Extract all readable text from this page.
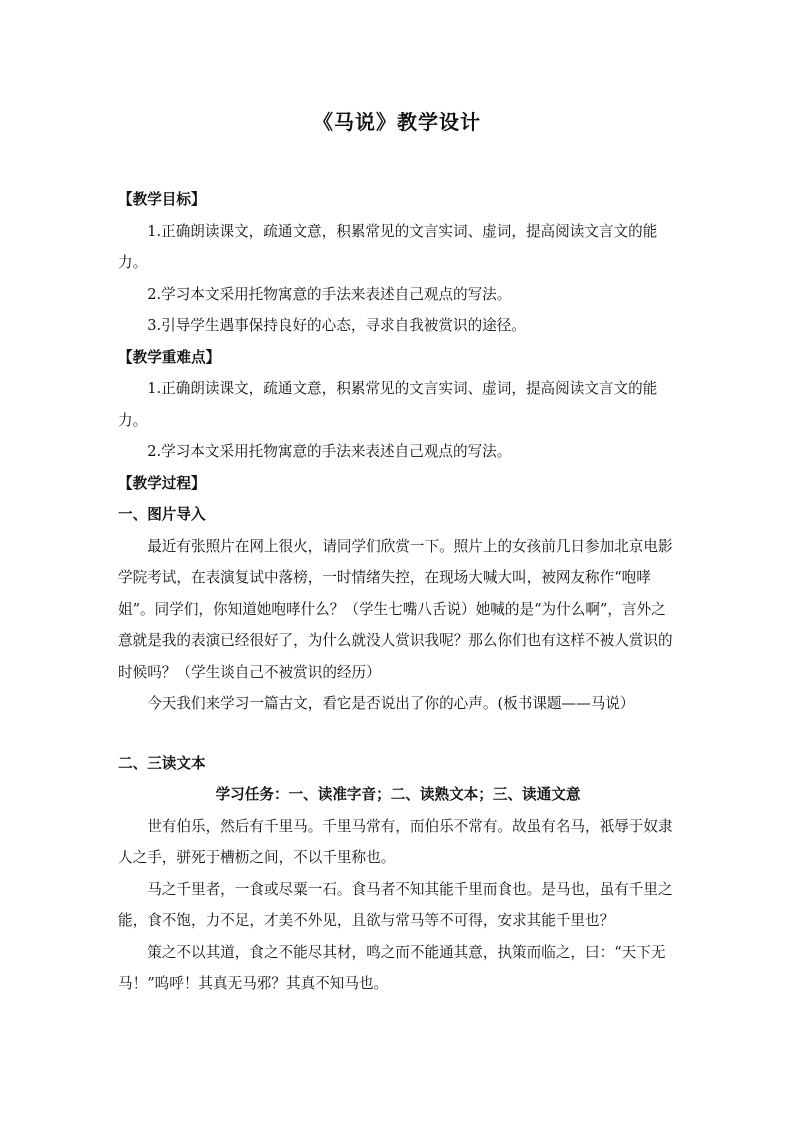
《马说》教学设计

【教学目标】

1.正确朗读课文，疏通文意，积累常见的文言实词、虚词，提高阅读文言文的能力。

2.学习本文采用托物寓意的手法来表述自己观点的写法。

3.引导学生遇事保持良好的心态，寻求自我被赏识的途径。

【教学重难点】

1.正确朗读课文，疏通文意，积累常见的文言实词、虚词，提高阅读文言文的能力。

2.学习本文采用托物寓意的手法来表述自己观点的写法。

【教学过程】

一、图片导入

最近有张照片在网上很火，请同学们欣赏一下。照片上的女孩前几日参加北京电影学院考试，在表演复试中落榜，一时情绪失控，在现场大喊大叫，被网友称作“咆哮姐”。同学们，你知道她咆哮什么？（学生七嘴八舌说）她喊的是“为什么啊”，言外之意就是我的表演已经很好了，为什么就没人赏识我呢？那么你们也有这样不被人赏识的时候吗？（学生谈自己不被赏识的经历）

今天我们来学习一篇古文，看它是否说出了你的心声。(板书课题——马说）

二、三读文本

学习任务：一、读准字音；二、读熟文本；三、读通文意

世有伯乐，然后有千里马。千里马常有，而伯乐不常有。故虽有名马，祇辱于奴隶人之手，骈死于槽枥之间，不以千里称也。

马之千里者，一食或尽粟一石。食马者不知其能千里而食也。是马也，虽有千里之能，食不饱，力不足，才美不外见，且欲与常马等不可得，安求其能千里也？

策之不以其道，食之不能尽其材，鸣之而不能通其意，执策而临之，曰：“天下无马！”呜呼！其真无马邪？其真不知马也。
